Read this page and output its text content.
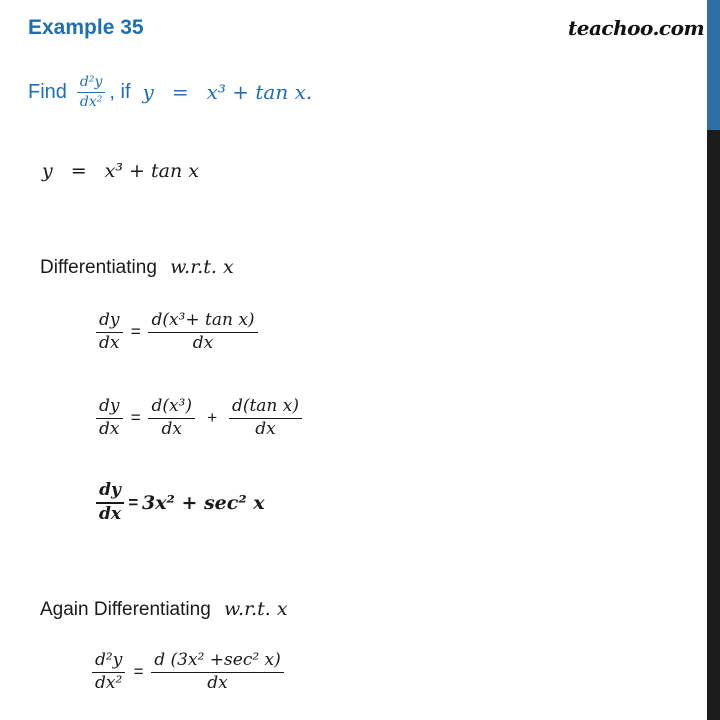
Example 35	teachoo.com
Find $\frac{\text{d²y}}{\text{dx²}}$ , if y = x³ + tan x.
y = x³ + tan x
Differentiating w.r.t. x
$\frac{dy}{dx} = \frac{\text{d(x³+ tan x)}}{dx}$
$\frac{dy}{dx} = \frac{\text{d(x³)}}{dx} + \frac{\text{d(tan x)}}{dx}$
$\frac{dy}{dx} = 3x^2 + \sec^2$ x
Again Differentiating w.r.t. x
$\frac{\text{d²y}}{\text{dx²}} = \frac{\text{d (3x² +sec² x)}}{dx}$
